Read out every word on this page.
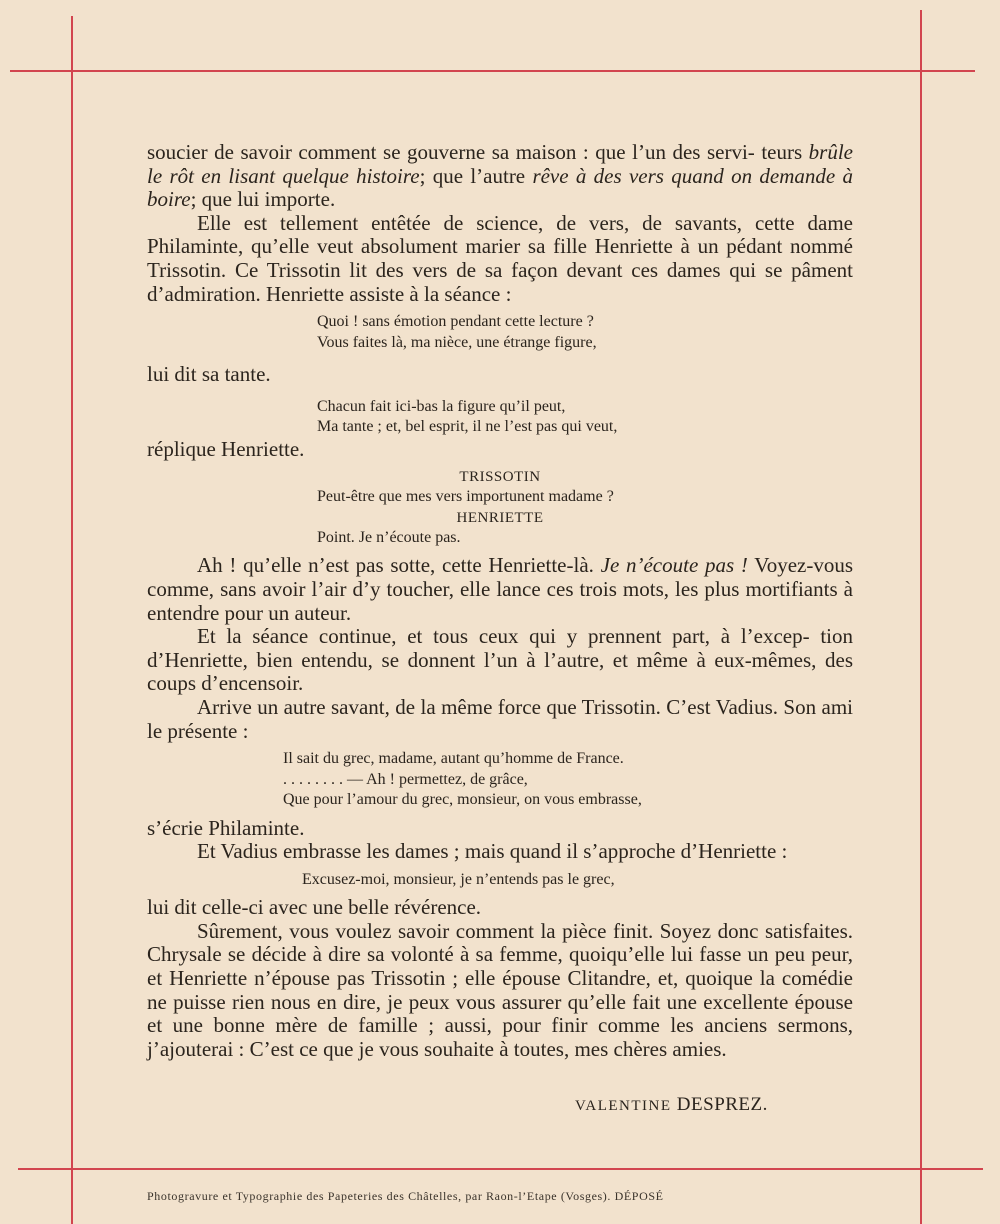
soucier de savoir comment se gouverne sa maison : que l’un des servi- teurs brûle le rôt en lisant quelque histoire; que l’autre rêve à des vers quand on demande à boire; que lui importe.

Elle est tellement entêtée de science, de vers, de savants, cette dame Philaminte, qu’elle veut absolument marier sa fille Henriette à un pédant nommé Trissotin. Ce Trissotin lit des vers de sa façon devant ces dames qui se pâment d’admiration. Henriette assiste à la séance :

Quoi ! sans émotion pendant cette lecture ?

Vous faites là, ma nièce, une étrange figure,

lui dit sa tante.

Chacun fait ici-bas la figure qu’il peut,

Ma tante ; et, bel esprit, il ne l’est pas qui veut,

réplique Henriette.

TRISSOTIN

Peut-être que mes vers importunent madame ?

HENRIETTE

Point. Je n’écoute pas.

Ah ! qu’elle n’est pas sotte, cette Henriette-là. Je n’écoute pas ! Voyez-vous comme, sans avoir l’air d’y toucher, elle lance ces trois mots, les plus mortifiants à entendre pour un auteur.

Et la séance continue, et tous ceux qui y prennent part, à l’excep- tion d’Henriette, bien entendu, se donnent l’un à l’autre, et même à eux-mêmes, des coups d’encensoir.

Arrive un autre savant, de la même force que Trissotin. C’est Vadius. Son ami le présente :

Il sait du grec, madame, autant qu’homme de France.

. . . . . . . . — Ah ! permettez, de grâce,

Que pour l’amour du grec, monsieur, on vous embrasse,

s’écrie Philaminte.

Et Vadius embrasse les dames ; mais quand il s’approche d’Henriette :

Excusez-moi, monsieur, je n’entends pas le grec,

lui dit celle-ci avec une belle révérence.

Sûrement, vous voulez savoir comment la pièce finit. Soyez donc satisfaites. Chrysale se décide à dire sa volonté à sa femme, quoiqu’elle lui fasse un peu peur, et Henriette n’épouse pas Trissotin ; elle épouse Clitandre, et, quoique la comédie ne puisse rien nous en dire, je peux vous assurer qu’elle fait une excellente épouse et une bonne mère de famille ; aussi, pour finir comme les anciens sermons, j’ajouterai : C’est ce que je vous souhaite à toutes, mes chères amies.

VALENTINE DESPREZ.
Photogravure et Typographie des Papeteries des Châtelles, par Raon-l’Etape (Vosges). DÉPOSÉ
